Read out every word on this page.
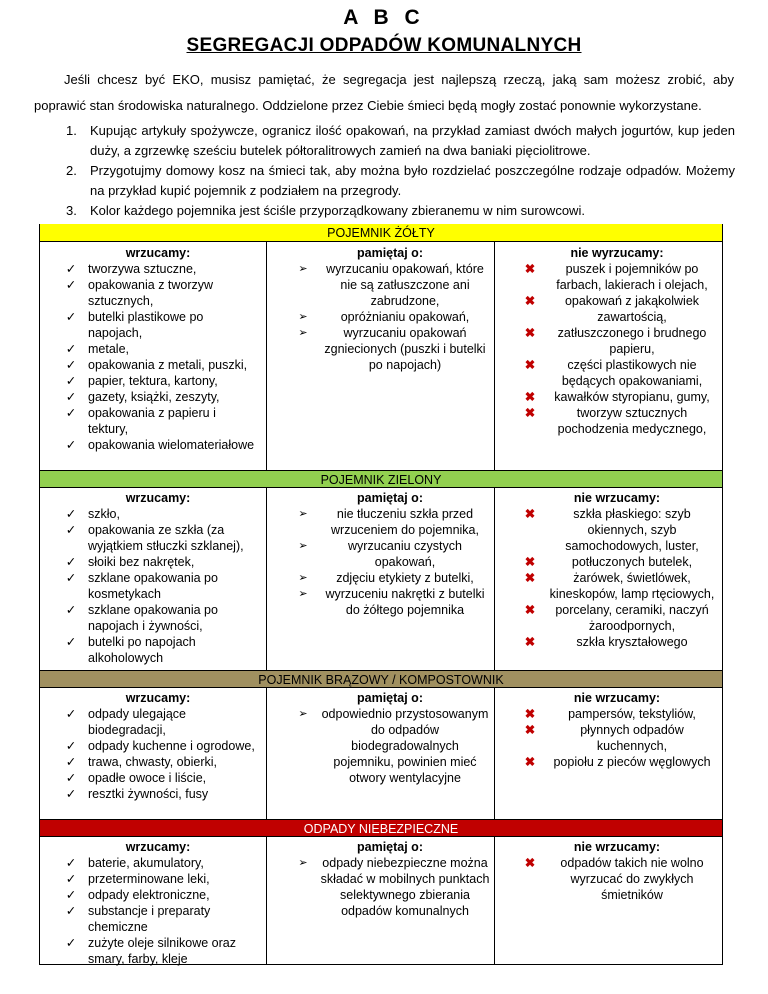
A B C
SEGREGACJI ODPADÓW KOMUNALNYCH
Jeśli chcesz być EKO, musisz pamiętać, że segregacja jest najlepszą rzeczą, jaką sam możesz zrobić, aby poprawić stan środowiska naturalnego. Oddzielone przez Ciebie śmieci będą mogły zostać ponownie wykorzystane.
1. Kupując artykuły spożywcze, ogranicz ilość opakowań, na przykład zamiast dwóch małych jogurtów, kup jeden duży, a zgrzewkę sześciu butelek półtoralitrowych zamień na dwa baniaki pięciolitrowe.
2. Przygotujmy domowy kosz na śmieci tak, aby można było rozdzielać poszczególne rodzaje odpadów. Możemy na przykład kupić pojemnik z podziałem na przegrody.
3. Kolor każdego pojemnika jest ściśle przyporządkowany zbieranemu w nim surowcowi.
POJEMNIK ŻÓŁTY
wrzucamy:
✓ tworzywa sztuczne,
✓ opakowania z tworzyw sztucznych,
✓ butelki plastikowe po napojach,
✓ metale,
✓ opakowania z metali, puszki,
✓ papier, tektura, kartony,
✓ gazety, książki, zeszyty,
✓ opakowania z papieru i tektury,
✓ opakowania wielomateriałowe
pamiętaj o:
➢	wyrzucaniu opakowań, które nie są zatłuszczone ani zabrudzone,
➢	opróżnianiu opakowań,
➢	wyrzucaniu opakowań zgniecionych (puszki i butelki po napojach)
nie wyrzucamy:
✖	puszek i pojemników po farbach, lakierach i olejach,
✖	opakowań z jakąkolwiek zawartością,
✖	zatłuszczonego i brudnego papieru,
✖	części plastikowych nie będących opakowaniami,
✖	kawałków styropianu, gumy,
✖	tworzyw sztucznych pochodzenia medycznego,
POJEMNIK ZIELONY
wrzucamy:
✓ szkło,
✓ opakowania ze szkła (za wyjątkiem stłuczki szklanej),
✓ słoiki bez nakrętek,
✓ szklane opakowania po kosmetykach
✓ szklane opakowania po napojach i żywności,
✓ butelki po napojach alkoholowych
pamiętaj o:
➢	nie tłuczeniu szkła przed wrzuceniem do pojemnika,
➢	wyrzucaniu czystych opakowań,
➢	zdjęciu etykiety z butelki,
➢	wyrzuceniu nakrętki z butelki do żółtego pojemnika
nie wrzucamy:
✖	szkła płaskiego: szyb okiennych, szyb samochodowych, luster,
✖	potłuczonych butelek,
✖	żarówek, świetlówek, kineskopów, lamp rtęciowych,
✖	porcelany, ceramiki, naczyń żaroodpornych,
✖	szkła kryształowego
POJEMNIK BRĄZOWY / KOMPOSTOWNIK
wrzucamy:
✓ odpady ulegające biodegradacji,
✓ odpady kuchenne i ogrodowe,
✓ trawa, chwasty, obierki,
✓ opadłe owoce i liście,
✓ resztki żywności, fusy
pamiętaj o:
➢	odpowiednio przystosowanym do odpadów biodegradowalnych pojemniku, powinien mieć otwory wentylacyjne
nie wrzucamy:
✖	pampersów, tekstyliów,
✖	płynnych odpadów kuchennych,
✖	popiołu z pieców węglowych
ODPADY NIEBEZPIECZNE
wrzucamy:
✓ baterie, akumulatory,
✓ przeterminowane leki,
✓ odpady elektroniczne,
✓ substancje i preparaty chemiczne
✓ zużyte oleje silnikowe oraz smary, farby, kleje
pamiętaj o:
➢	odpady niebezpieczne można składać w mobilnych punktach selektywnego zbierania odpadów komunalnych
nie wrzucamy:
✖	odpadów takich nie wolno wyrzucać do zwykłych śmietników
